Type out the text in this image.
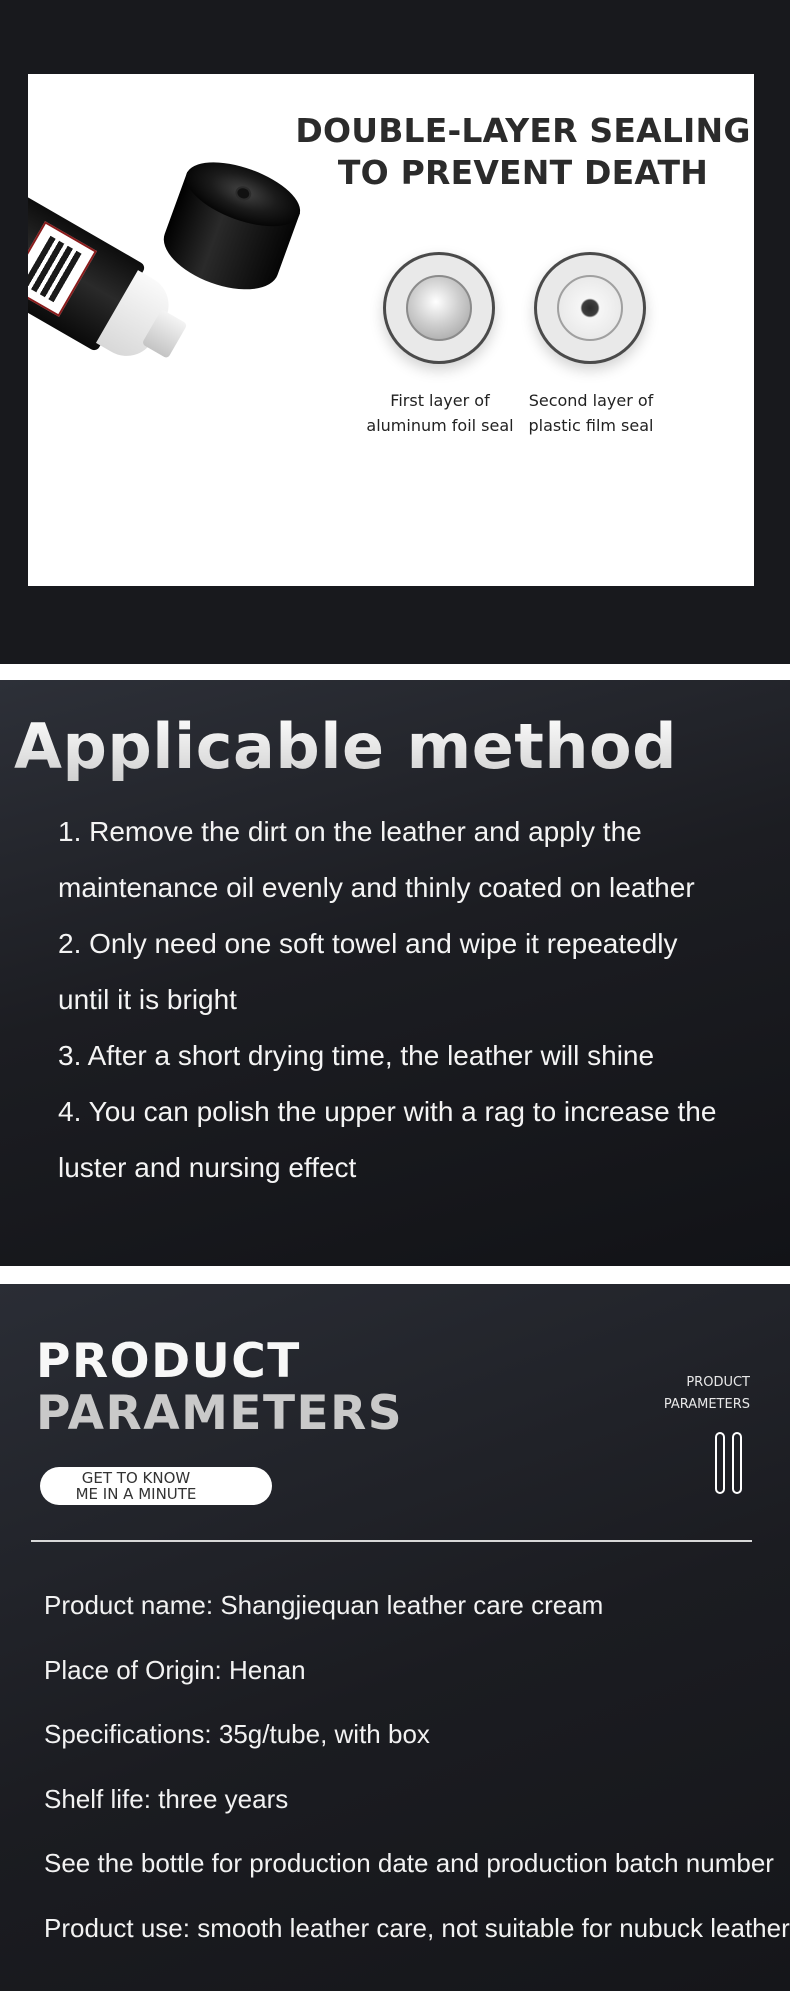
DOUBLE-LAYER SEALING
TO PREVENT DEATH
First layer of
aluminum foil seal
Second layer of
plastic film seal
Applicable method
1. Remove the dirt on the leather and apply the
maintenance oil evenly and thinly coated on leather
2. Only need one soft towel and wipe it repeatedly
until it is bright
3. After a short drying time, the leather will shine
4. You can polish the upper with a rag to increase the
luster and nursing effect
PRODUCT
PARAMETERS
GET TO KNOW
ME IN A MINUTE
PRODUCT
PARAMETERS
Product name: Shangjiequan leather care cream
Place of Origin: Henan
Specifications: 35g/tube, with box
Shelf life: three years
See the bottle for production date and production batch number
Product use: smooth leather care, not suitable for nubuck leather
